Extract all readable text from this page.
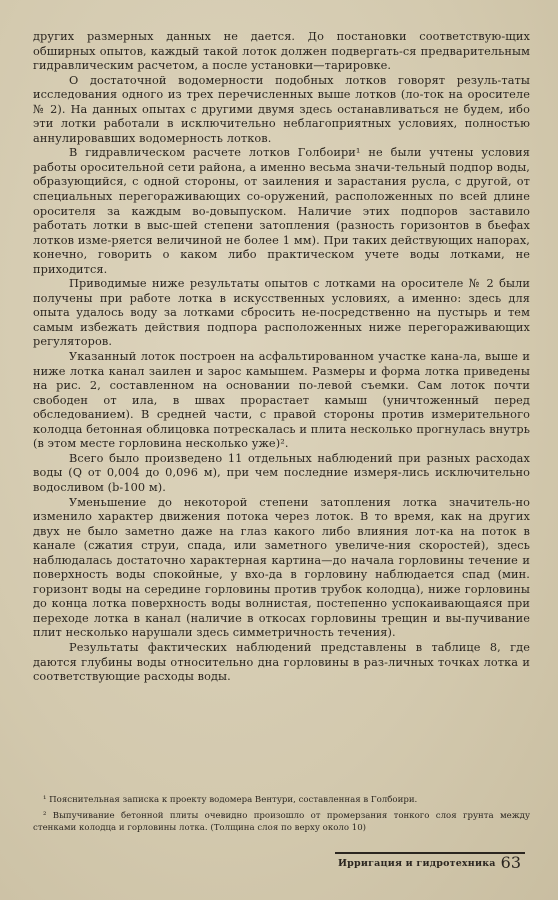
других размерных данных не дается. До постановки соответствую-щих обширных опытов, каждый такой лоток должен подвергать-ся предварительным гидравлическим расчетом, а после установки—тарировке.

О достаточной водомерности подобных лотков говорят резуль-таты исследования одного из трех перечисленных выше лотков (ло-ток на оросителе № 2). На данных опытах с другими двумя здесь останавливаться не будем, ибо эти лотки работали в исключительно неблагоприятных условиях, полностью аннулировавших водомерность лотков.

В гидравлическом расчете лотков Голбоири¹ не были учтены условия работы оросительной сети района, а именно весьма значи-тельный подпор воды, образующийся, с одной стороны, от заиления и зарастания русла, с другой, от специальных перегораживающих со-оружений, расположенных по всей длине оросителя за каждым во-довыпуском. Наличие этих подпоров заставило работать лотки в выс-шей степени затопления (разность горизонтов в бьефах лотков изме-ряется величиной не более 1 мм). При таких действующих напорах, конечно, говорить о каком либо практическом учете воды лотками, не приходится.

Приводимые ниже результаты опытов с лотками на оросителе № 2 были получены при работе лотка в искусственных условиях, а именно: здесь для опыта удалось воду за лотками сбросить не-посредственно на пустырь и тем самым избежать действия подпора расположенных ниже перегораживающих регуляторов.

Указанный лоток построен на асфальтированном участке кана-ла, выше и ниже лотка канал заилен и зарос камышем. Размеры и форма лотка приведены на рис. 2, составленном на основании по-левой съемки. Сам лоток почти свободен от ила, в швах прорастает камыш (уничтоженный перед обследованием). В средней части, с правой стороны против измерительного колодца бетонная облицовка потрескалась и плита несколько прогнулась внутрь (в этом месте горловина несколько уже)².

Всего было произведено 11 отдельных наблюдений при разных расходах воды (Q от 0,004 до 0,096 м), при чем последние измеря-лись исключительно водосливом (b-100 м).

Уменьшение до некоторой степени затопления лотка значитель-но изменило характер движения потока через лоток. В то время, как на других двух не было заметно даже на глаз какого либо влияния лот-ка на поток в канале (сжатия струи, спада, или заметного увеличе-ния скоростей), здесь наблюдалась достаточно характерная картина—до начала горловины течение и поверхность воды спокойные, у вхо-да в горловину наблюдается спад (мин. горизонт воды на середине горловины против трубок колодца), ниже горловины до конца лотка поверхность воды волнистая, постепенно успокаивающаяся при переходе лотка в канал (наличие в откосах горловины трещин и вы-пучивание плит несколько нарушали здесь симметричность течения).

Результаты фактических наблюдений представлены в таблице 8, где даются глубины воды относительно дна горловины в раз-личных точках лотка и соответствующие расходы воды.

¹ Пояснительная записка к проекту водомера Вентури, составленная в Голбоири.

² Выпучивание бетонной плиты очевидно произошло от промерзания тонкого слоя грунта между стенками колодца и горловины лотка. (Толщина слоя по верху около 10)

Ирригация и гидротехника 63
